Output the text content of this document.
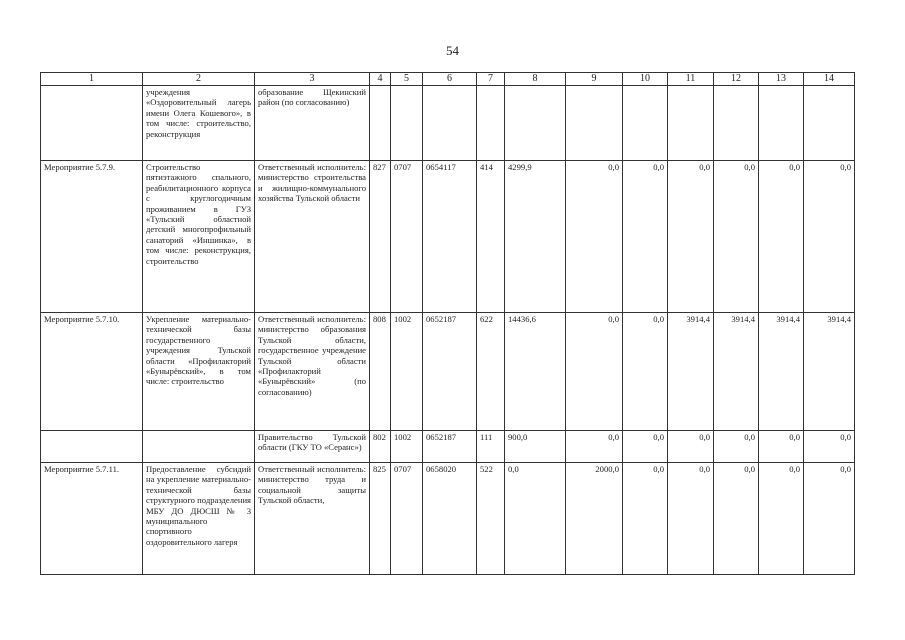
54
1	2	3	4	5	6	7	8	9	10	11	12	13	14
	учреждения «Оздоровительный лагерь имени Олега Кошевого», в том числе: строительство, реконструкция	образование Щекинский район (по согласованию)											
Мероприятие 5.7.9.	Строительство пятиэтажного спального, реабилитационного корпуса с круглогодичным проживанием в ГУЗ «Тульский областной детский многопрофильный санаторий «Иншинка», в том числе: реконструкция, строительство	Ответственный исполнитель: министерство строительства и жилищно-коммунального хозяйства Тульской области	827	0707	0654117	414	4299,9	0,0	0,0	0,0	0,0	0,0	0,0
Мероприятие 5.7.10.	Укрепление материально-технической базы государственного учреждения Тульской области «Профилакторий «Бунырёвский», в том числе: строительство	Ответственный исполнитель: министерство образования Тульской области, государственное учреждение Тульской области «Профилакторий «Бунырёвский» (по согласованию)	808	1002	0652187	622	14436,6	0,0	0,0	3914,4	3914,4	3914,4	3914,4
		Правительство Тульской области (ГКУ ТО «Серанс»)	802	1002	0652187	111	900,0	0,0	0,0	0,0	0,0	0,0	0,0
Мероприятие 5.7.11.	Предоставление субсидий на укрепление материально-технической базы структурного подразделения МБУ ДО ДЮСШ № 3 муниципального спортивного оздоровительного лагеря	Ответственный исполнитель: министерство труда и социальной защиты Тульской области,	825	0707	0658020	522	0,0	2000,0	0,0	0,0	0,0	0,0	0,0
